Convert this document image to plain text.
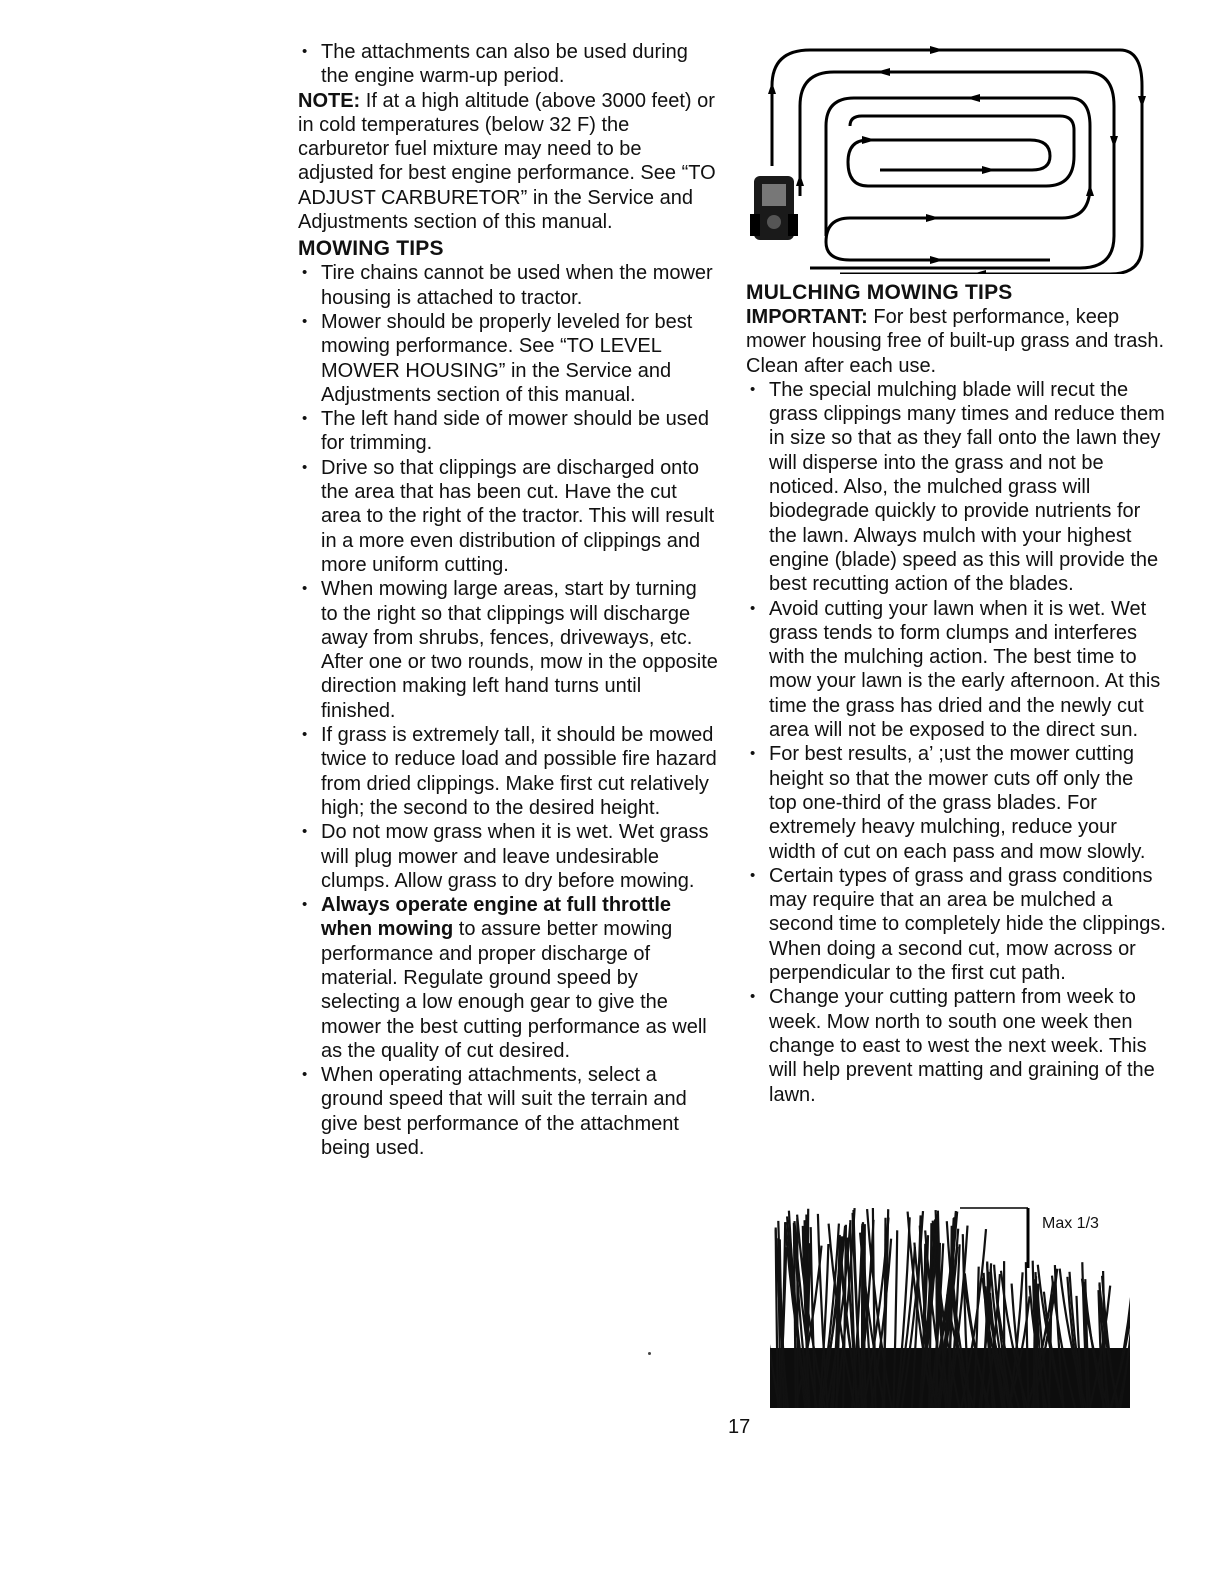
• The attachments can also be used during the engine warm-up period.

NOTE: If at a high altitude (above 3000 feet) or in cold temperatures (below 32 F) the carburetor fuel mixture may need to be adjusted for best engine performance. See “TO ADJUST CARBURETOR” in the Service and Adjustments section of this manual.

MOWING TIPS
• Tire chains cannot be used when the mower housing is attached to tractor.
• Mower should be properly leveled for best mowing performance. See “TO LEVEL MOWER HOUSING” in the Service and Adjustments section of this manual.
• The left hand side of mower should be used for trimming.
• Drive so that clippings are discharged onto the area that has been cut. Have the cut area to the right of the tractor. This will result in a more even distribution of clippings and more uniform cutting.
• When mowing large areas, start by turning to the right so that clippings will discharge away from shrubs, fences, driveways, etc. After one or two rounds, mow in the opposite direction making left hand turns until finished.
• If grass is extremely tall, it should be mowed twice to reduce load and possible fire hazard from dried clippings. Make first cut relatively high; the second to the desired height.
• Do not mow grass when it is wet. Wet grass will plug mower and leave undesirable clumps. Allow grass to dry before mowing.
• Always operate engine at full throttle when mowing to assure better mowing performance and proper discharge of material. Regulate ground speed by selecting a low enough gear to give the mower the best cutting performance as well as the quality of cut desired.
• When operating attachments, select a ground speed that will suit the terrain and give best performance of the attachment being used.
MULCHING MOWING TIPS

IMPORTANT: For best performance, keep mower housing free of built-up grass and trash. Clean after each use.

• The special mulching blade will recut the grass clippings many times and reduce them in size so that as they fall onto the lawn they will disperse into the grass and not be noticed. Also, the mulched grass will biodegrade quickly to provide nutrients for the lawn. Always mulch with your highest engine (blade) speed as this will provide the best recutting action of the blades.
• Avoid cutting your lawn when it is wet. Wet grass tends to form clumps and interferes with the mulching action. The best time to mow your lawn is the early afternoon. At this time the grass has dried and the newly cut area will not be exposed to the direct sun.
• For best results, a’ ;ust the mower cutting height so that the mower cuts off only the top one-third of the grass blades. For extremely heavy mulching, reduce your width of cut on each pass and mow slowly.
• Certain types of grass and grass conditions may require that an area be mulched a second time to completely hide the clippings. When doing a second cut, mow across or perpendicular to the first cut path.
• Change your cutting pattern from week to week. Mow north to south one week then change to east to west the next week. This will help prevent matting and graining of the lawn.
Max 1/3
17
